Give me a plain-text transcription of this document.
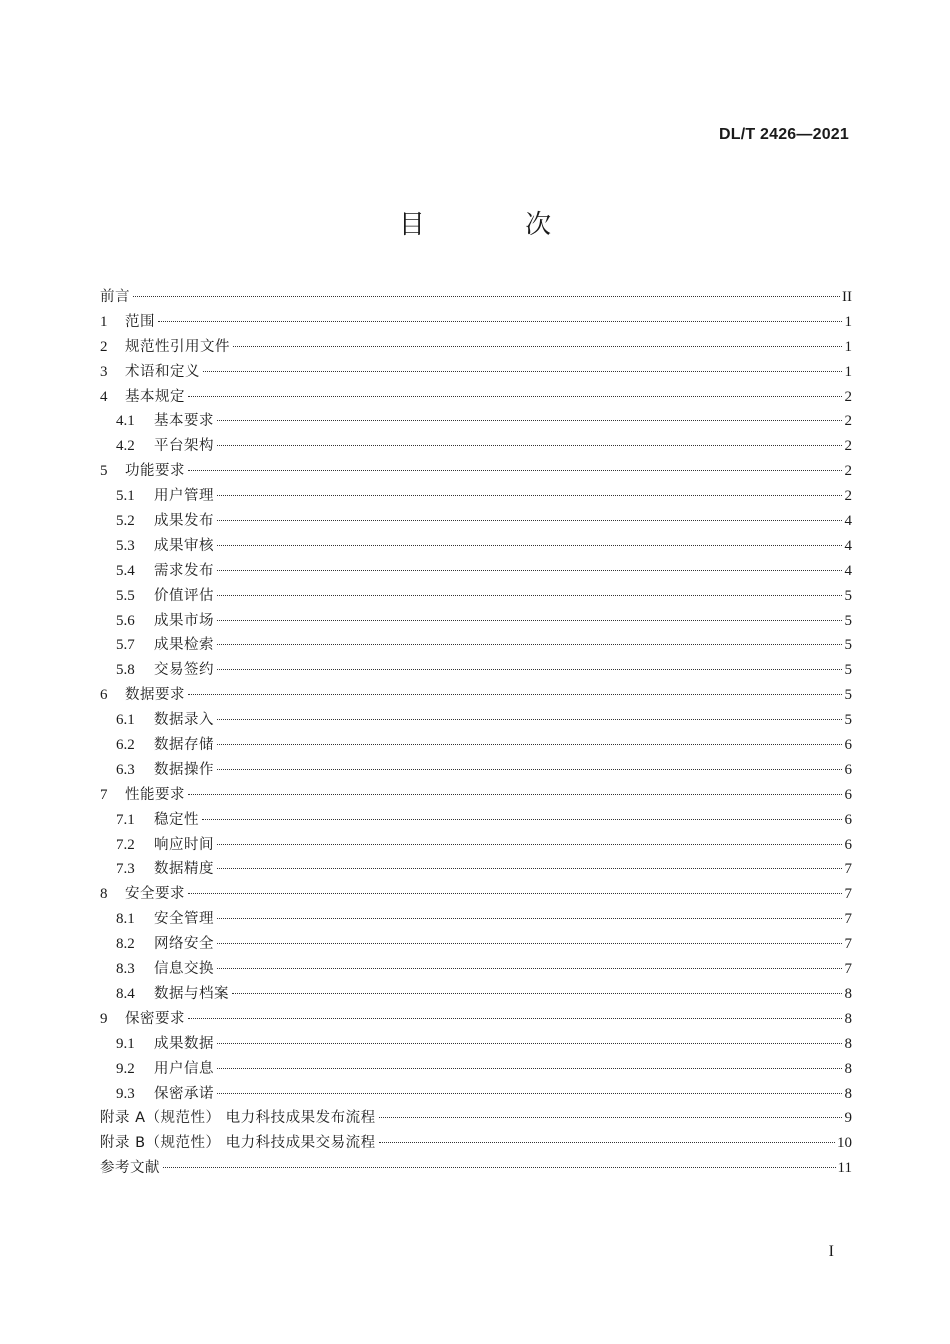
DL/T 2426—2021
目 次
前言	II
1	范围	1
2	规范性引用文件	1
3	术语和定义	1
4	基本规定	2
4.1	基本要求	2
4.2	平台架构	2
5	功能要求	2
5.1	用户管理	2
5.2	成果发布	4
5.3	成果审核	4
5.4	需求发布	4
5.5	价值评估	5
5.6	成果市场	5
5.7	成果检索	5
5.8	交易签约	5
6	数据要求	5
6.1	数据录入	5
6.2	数据存储	6
6.3	数据操作	6
7	性能要求	6
7.1	稳定性	6
7.2	响应时间	6
7.3	数据精度	7
8	安全要求	7
8.1	安全管理	7
8.2	网络安全	7
8.3	信息交换	7
8.4	数据与档案	8
9	保密要求	8
9.1	成果数据	8
9.2	用户信息	8
9.3	保密承诺	8
附录 A（规范性） 电力科技成果发布流程	9
附录 B（规范性） 电力科技成果交易流程	10
参考文献	11
I
